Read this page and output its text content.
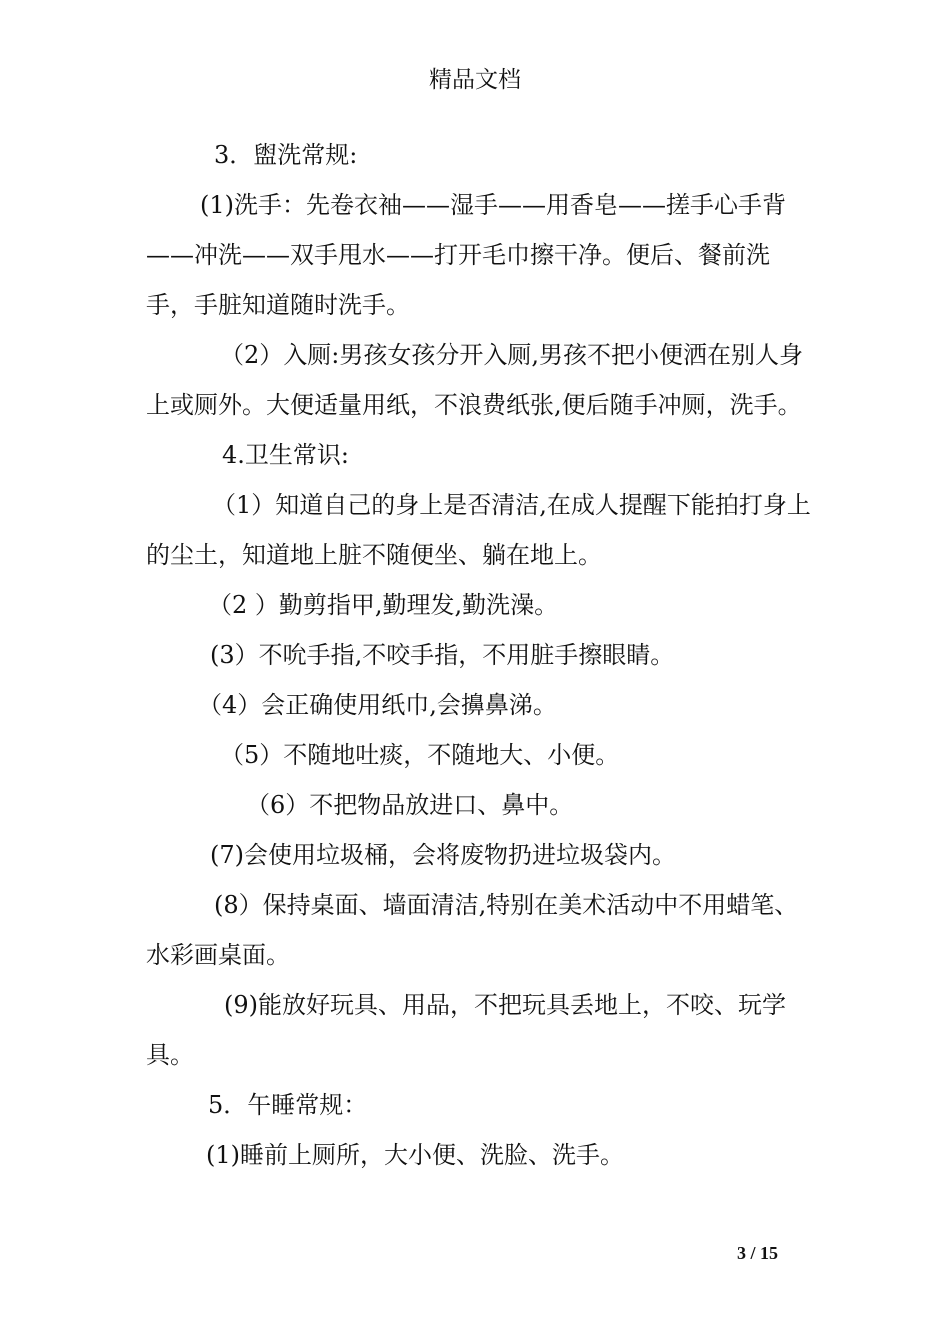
精品文档

3．盥洗常规:

(1)洗手：先卷衣袖——湿手——用香皂——搓手心手背——冲洗——双手甩水——打开毛巾擦干净。便后、餐前洗手，手脏知道随时洗手。

（2）入厕:男孩女孩分开入厕,男孩不把小便洒在别人身上或厕外。大便适量用纸，不浪费纸张,便后随手冲厕，洗手。

4.卫生常识:

（1）知道自己的身上是否清洁,在成人提醒下能拍打身上的尘土，知道地上脏不随便坐、躺在地上。

（2 ）勤剪指甲,勤理发,勤洗澡。

(3）不吮手指,不咬手指，不用脏手擦眼睛。

（4）会正确使用纸巾,会擤鼻涕。

（5）不随地吐痰，不随地大、小便。

（6）不把物品放进口、鼻中。

(7)会使用垃圾桶，会将废物扔进垃圾袋内。

(8）保持桌面、墙面清洁,特别在美术活动中不用蜡笔、水彩画桌面。

(9)能放好玩具、用品，不把玩具丢地上，不咬、玩学具。

5．午睡常规：

(1)睡前上厕所，大小便、洗脸、洗手。

3 / 15
